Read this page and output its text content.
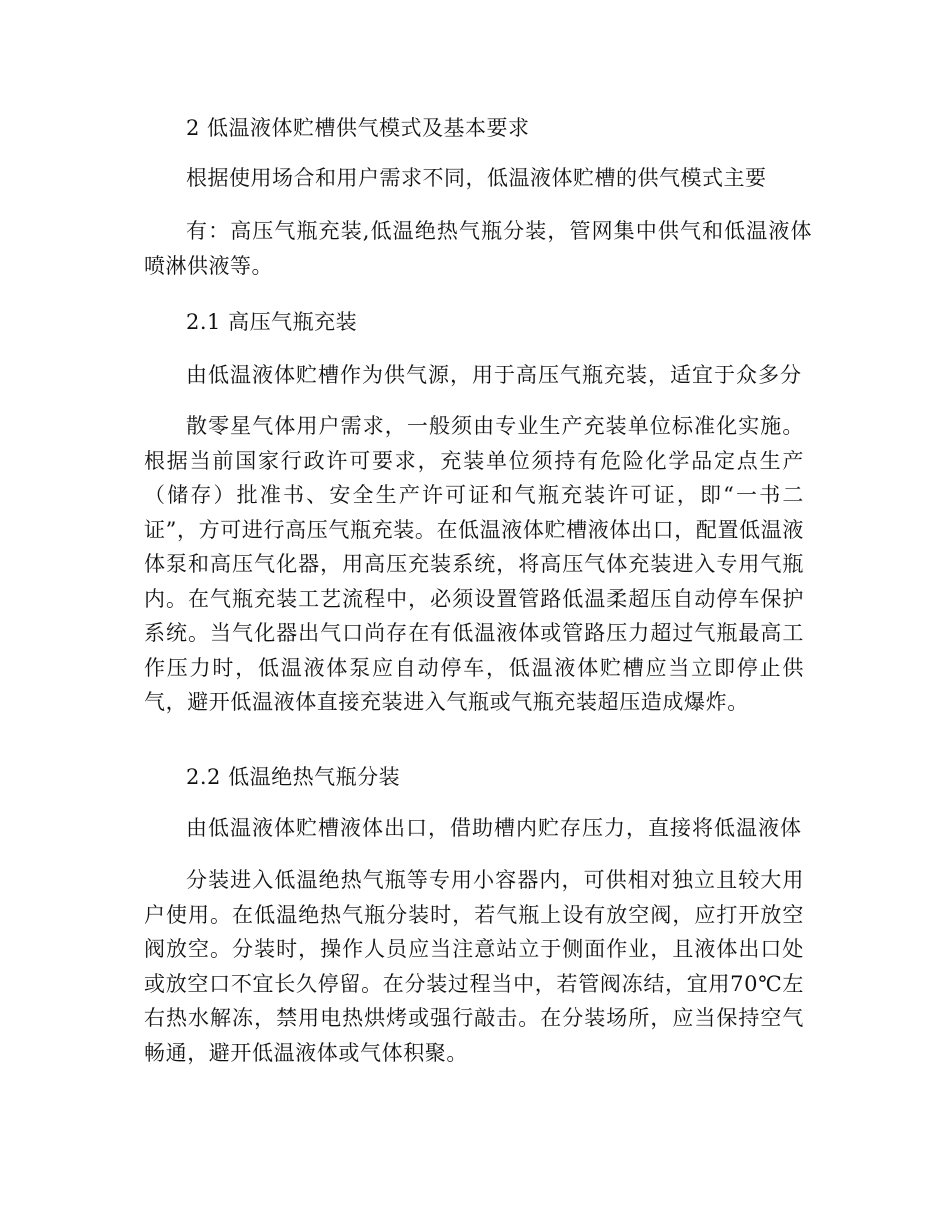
2 低温液体贮槽供气模式及基本要求
根据使用场合和用户需求不同，低温液体贮槽的供气模式主要
有：高压气瓶充装,低温绝热气瓶分装，管网集中供气和低温液体
喷淋供液等。
2.1 高压气瓶充装
由低温液体贮槽作为供气源，用于高压气瓶充装，适宜于众多分
散零星气体用户需求，一般须由专业生产充装单位标准化实施。根据当前国家行政许可要求，充装单位须持有危险化学品定点生产（储存）批准书、安全生产许可证和气瓶充装许可证，即“一书二证”，方可进行高压气瓶充装。在低温液体贮槽液体出口，配置低温液体泵和高压气化器，用高压充装系统，将高压气体充装进入专用气瓶内。在气瓶充装工艺流程中，必须设置管路低温柔超压自动停车保护系统。当气化器出气口尚存在有低温液体或管路压力超过气瓶最高工作压力时，低温液体泵应自动停车，低温液体贮槽应当立即停止供气，避开低温液体直接充装进入气瓶或气瓶充装超压造成爆炸。
2.2 低温绝热气瓶分装
由低温液体贮槽液体出口，借助槽内贮存压力，直接将低温液体
分装进入低温绝热气瓶等专用小容器内，可供相对独立且较大用户使用。在低温绝热气瓶分装时，若气瓶上设有放空阀，应打开放空阀放空。分装时，操作人员应当注意站立于侧面作业，且液体出口处或放空口不宜长久停留。在分装过程当中，若管阀冻结，宜用70℃左右热水解冻，禁用电热烘烤或强行敲击。在分装场所，应当保持空气畅通，避开低温液体或气体积聚。
